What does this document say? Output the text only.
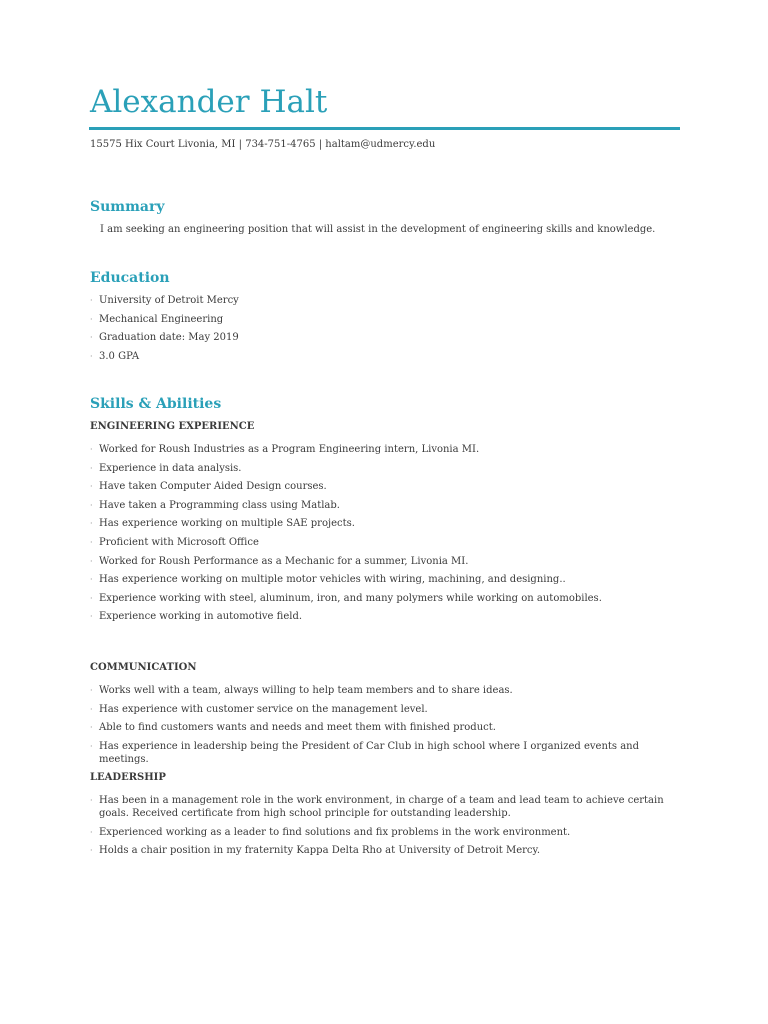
Alexander Halt
15575 Hix Court Livonia, MI | 734-751-4765 | haltam@udmercy.edu
Summary
I am seeking an engineering position that will assist in the development of engineering skills and knowledge.
Education
· University of Detroit Mercy
· Mechanical Engineering
· Graduation date: May 2019
· 3.0 GPA
Skills & Abilities
ENGINEERING EXPERIENCE
· Worked for Roush Industries as a Program Engineering intern, Livonia MI.
· Experience in data analysis.
· Have taken Computer Aided Design courses.
· Have taken a Programming class using Matlab.
· Has experience working on multiple SAE projects.
· Proficient with Microsoft Office
· Worked for Roush Performance as a Mechanic for a summer, Livonia MI.
· Has experience working on multiple motor vehicles with wiring, machining, and designing..
· Experience working with steel, aluminum, iron, and many polymers while working on automobiles.
· Experience working in automotive field.
COMMUNICATION
· Works well with a team, always willing to help team members and to share ideas.
· Has experience with customer service on the management level.
· Able to find customers wants and needs and meet them with finished product.
· Has experience in leadership being the President of Car Club in high school where I organized events and meetings.
LEADERSHIP
· Has been in a management role in the work environment, in charge of a team and lead team to achieve certain goals. Received certificate from high school principle for outstanding leadership.
· Experienced working as a leader to find solutions and fix problems in the work environment.
· Holds a chair position in my fraternity Kappa Delta Rho at University of Detroit Mercy.
